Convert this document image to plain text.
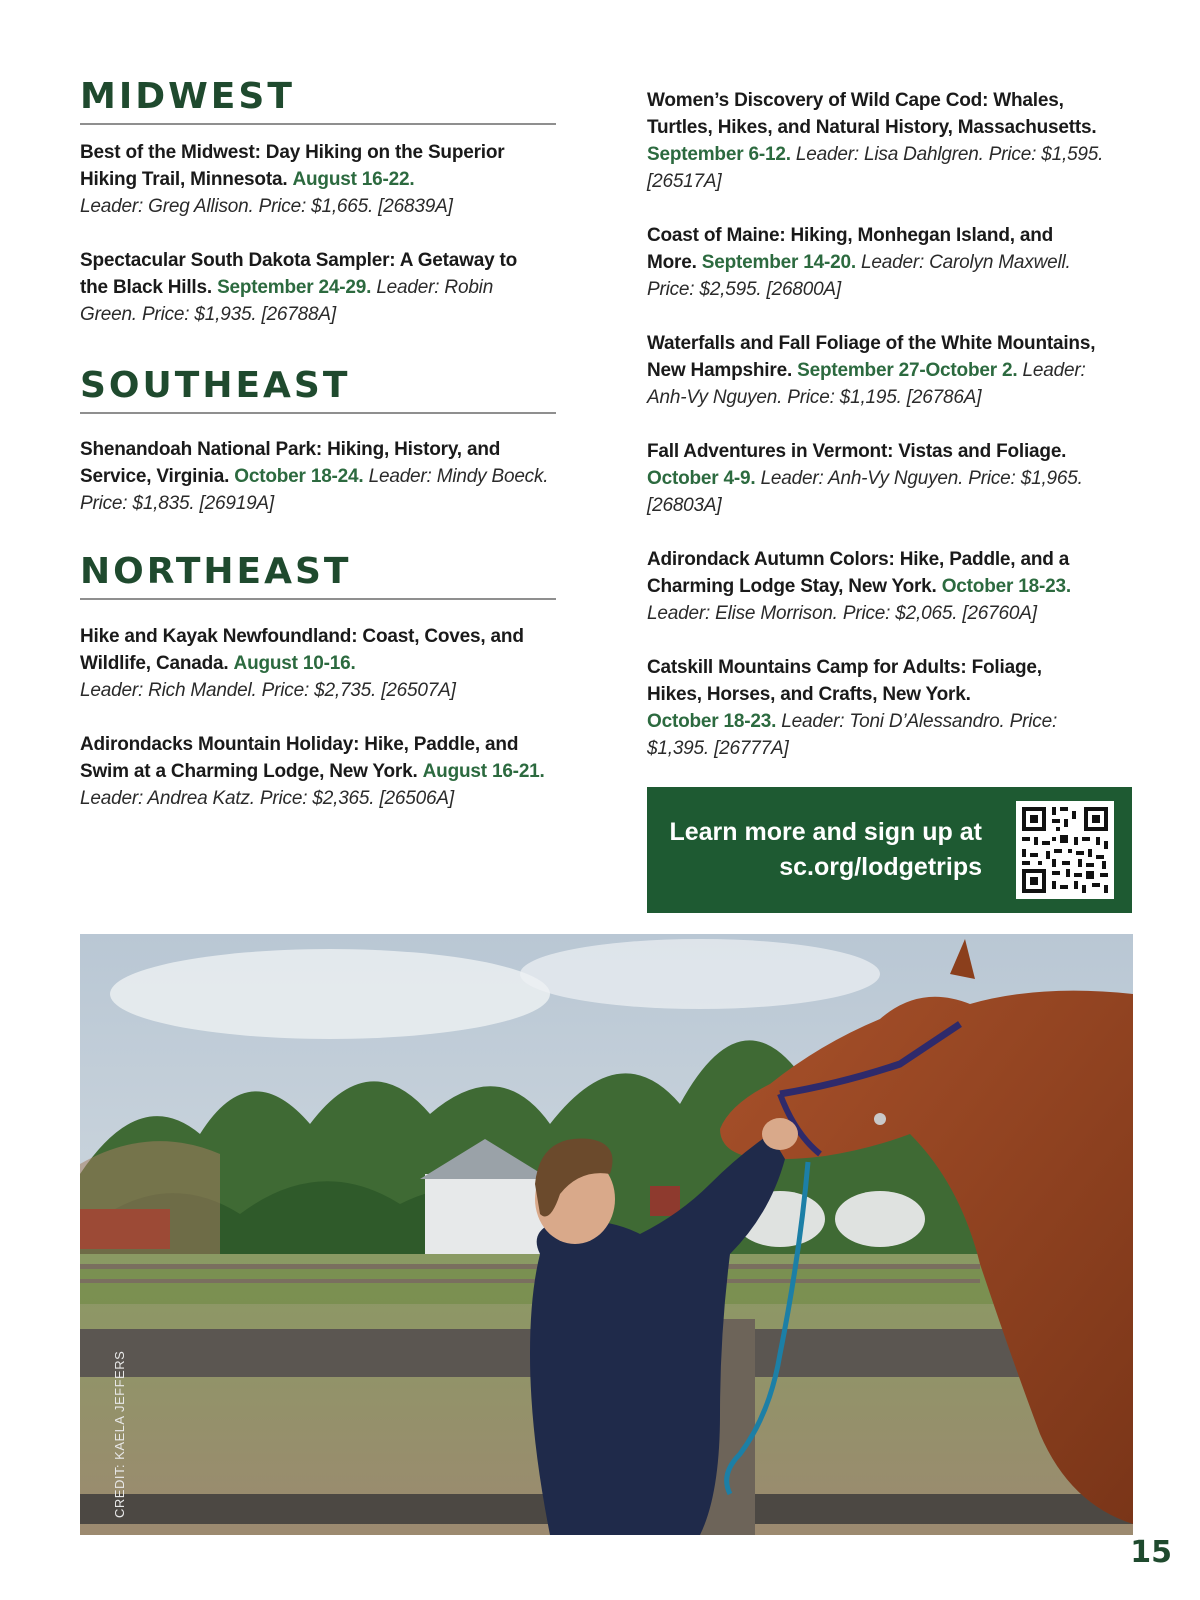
MIDWEST
Best of the Midwest: Day Hiking on the Superior Hiking Trail, Minnesota. August 16-22.
Leader: Greg Allison. Price: $1,665. [26839A]
Spectacular South Dakota Sampler: A Getaway to the Black Hills. September 24-29. Leader: Robin Green. Price: $1,935. [26788A]
SOUTHEAST
Shenandoah National Park: Hiking, History, and Service, Virginia. October 18-24. Leader: Mindy Boeck. Price: $1,835. [26919A]
NORTHEAST
Hike and Kayak Newfoundland: Coast, Coves, and Wildlife, Canada. August 10-16.
Leader: Rich Mandel. Price: $2,735. [26507A]
Adirondacks Mountain Holiday: Hike, Paddle, and Swim at a Charming Lodge, New York. August 16-21.
Leader: Andrea Katz. Price: $2,365. [26506A]
Women’s Discovery of Wild Cape Cod: Whales, Turtles, Hikes, and Natural History, Massachusetts. September 6-12. Leader: Lisa Dahlgren. Price: $1,595. [26517A]
Coast of Maine: Hiking, Monhegan Island, and More. September 14-20. Leader: Carolyn Maxwell. Price: $2,595. [26800A]
Waterfalls and Fall Foliage of the White Mountains, New Hampshire. September 27-October 2. Leader: Anh-Vy Nguyen. Price: $1,195. [26786A]
Fall Adventures in Vermont: Vistas and Foliage. October 4-9. Leader: Anh-Vy Nguyen. Price: $1,965. [26803A]
Adirondack Autumn Colors: Hike, Paddle, and a Charming Lodge Stay, New York. October 18-23.
Leader: Elise Morrison. Price: $2,065. [26760A]
Catskill Mountains Camp for Adults: Foliage, Hikes, Horses, and Crafts, New York.
October 18-23. Leader: Toni D’Alessandro. Price: $1,395. [26777A]
Learn more and sign up at
sc.org/lodgetrips
CREDIT: KAELA JEFFERS
15
